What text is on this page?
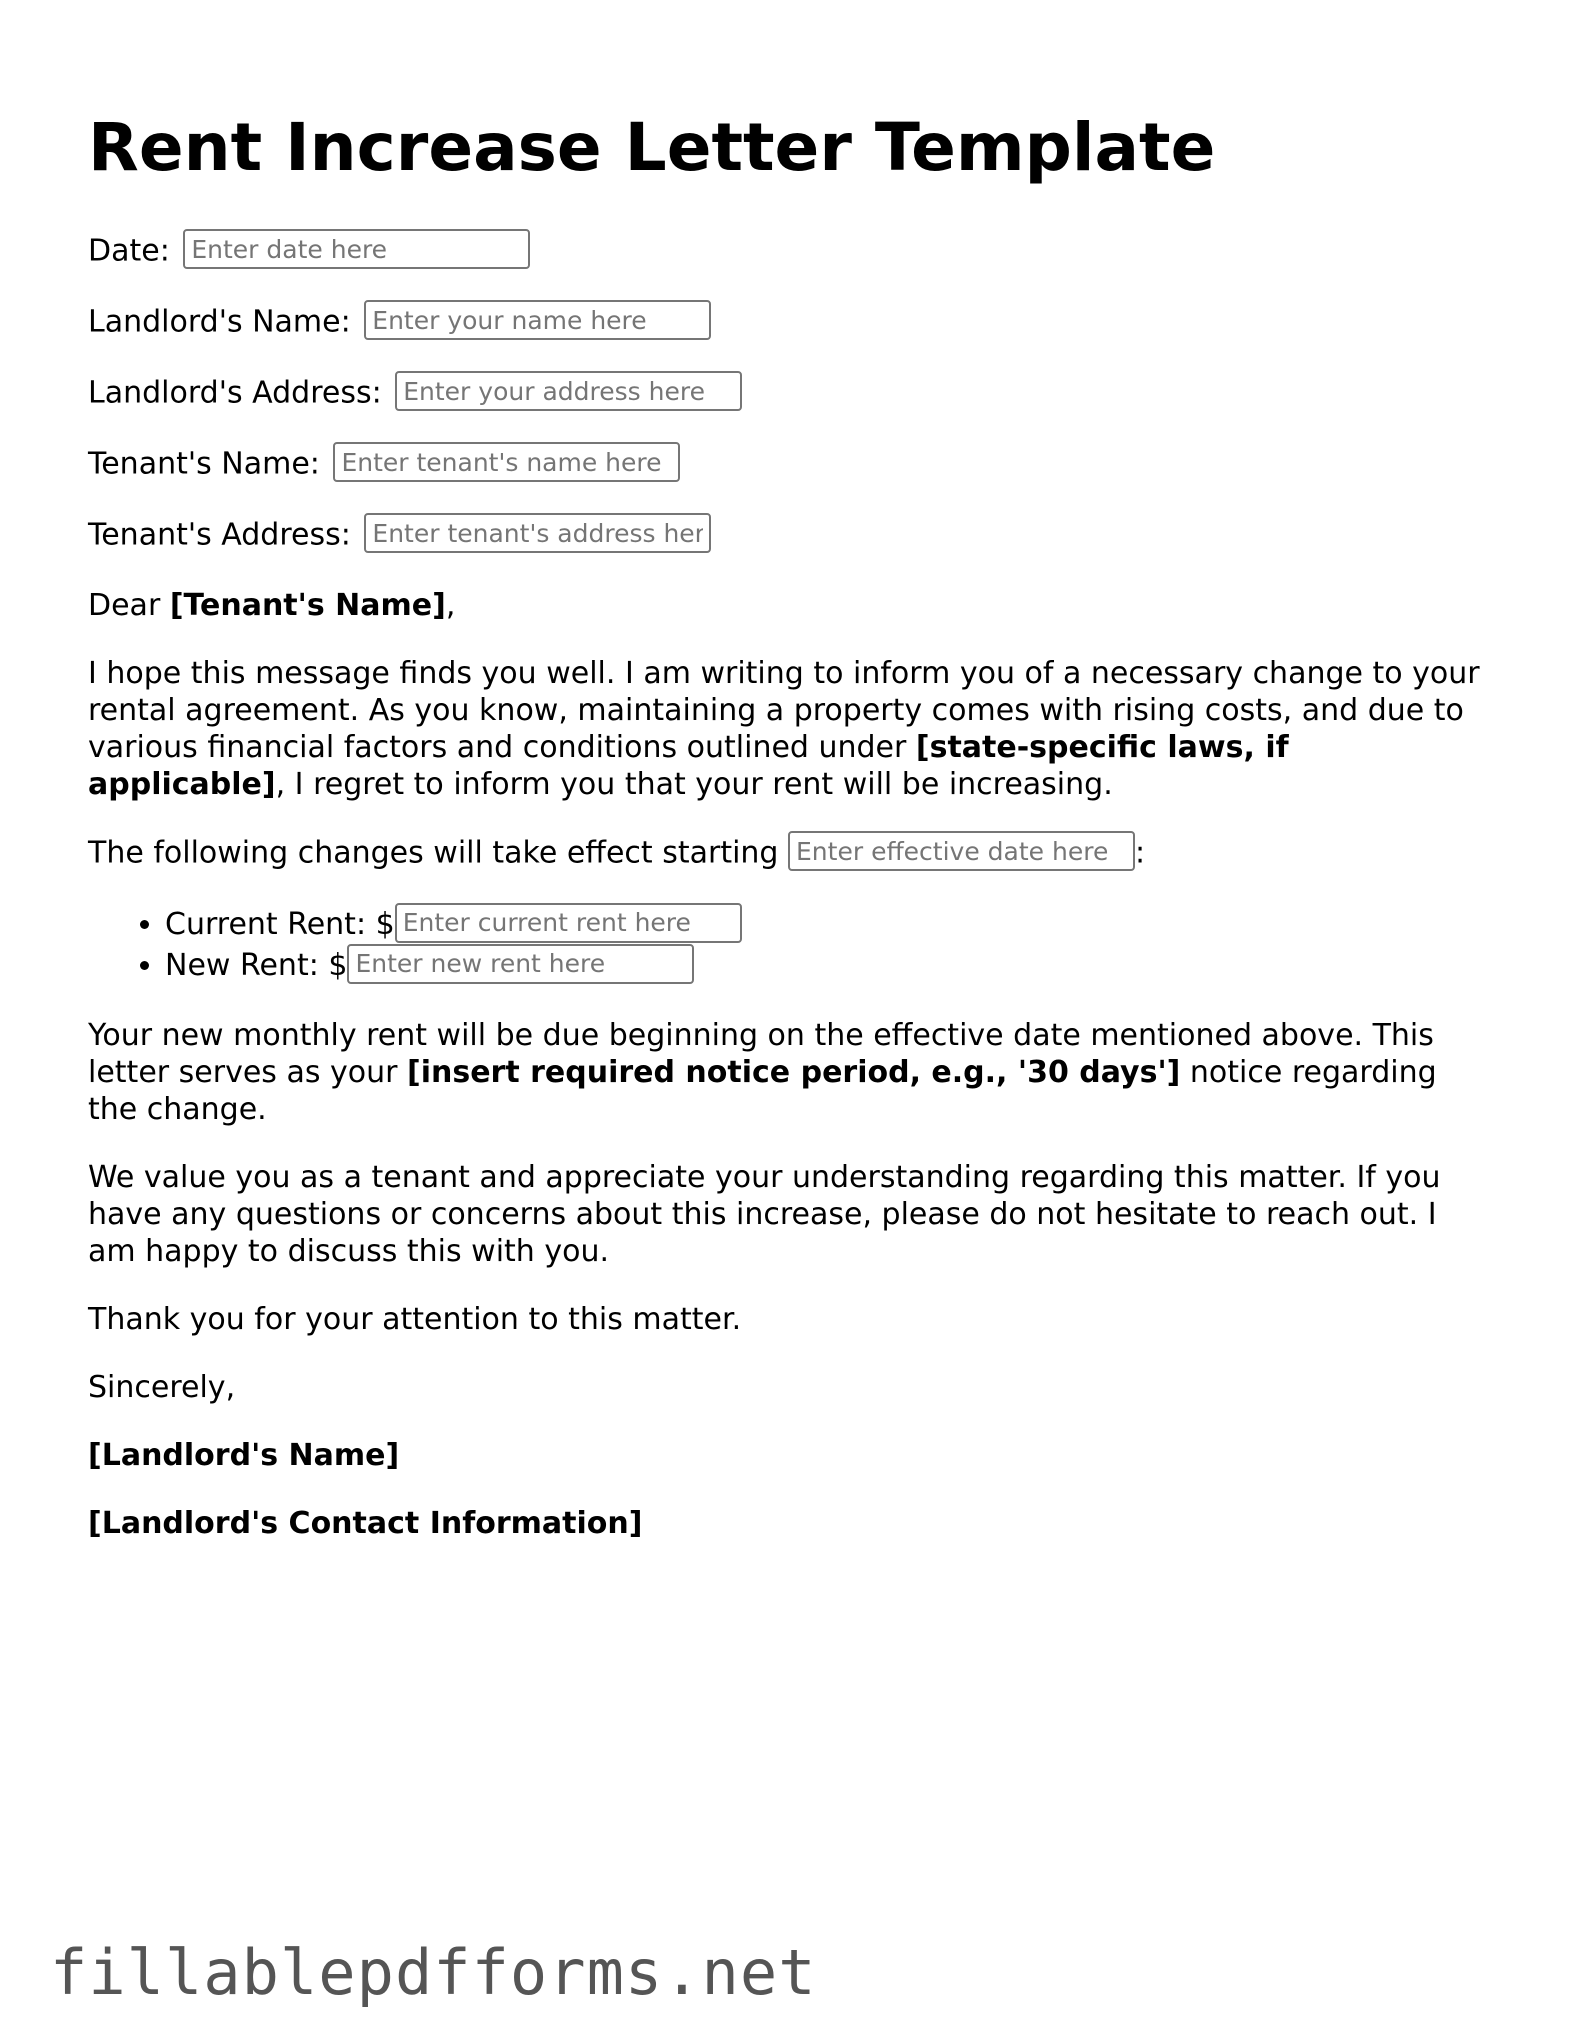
Rent Increase Letter Template
Date: Enter date here
Landlord's Name: Enter your name here
Landlord's Address: Enter your address here
Tenant's Name: Enter tenant's name here
Tenant's Address: Enter tenant's address here

Dear [Tenant's Name],

I hope this message finds you well. I am writing to inform you of a necessary change to your rental agreement. As you know, maintaining a property comes with rising costs, and due to various financial factors and conditions outlined under [state-specific laws, if applicable], I regret to inform you that your rent will be increasing.

The following changes will take effect starting Enter effective date here	:
• Current Rent: $Enter current rent here
• New Rent: $Enter new rent here

Your new monthly rent will be due beginning on the effective date mentioned above. This letter serves as your [insert required notice period, e.g., '30 days'] notice regarding the change.

We value you as a tenant and appreciate your understanding regarding this matter. If you have any questions or concerns about this increase, please do not hesitate to reach out. I am happy to discuss this with you.

Thank you for your attention to this matter.

Sincerely,

[Landlord's Name]

[Landlord's Contact Information]

fillablepdfforms.net
